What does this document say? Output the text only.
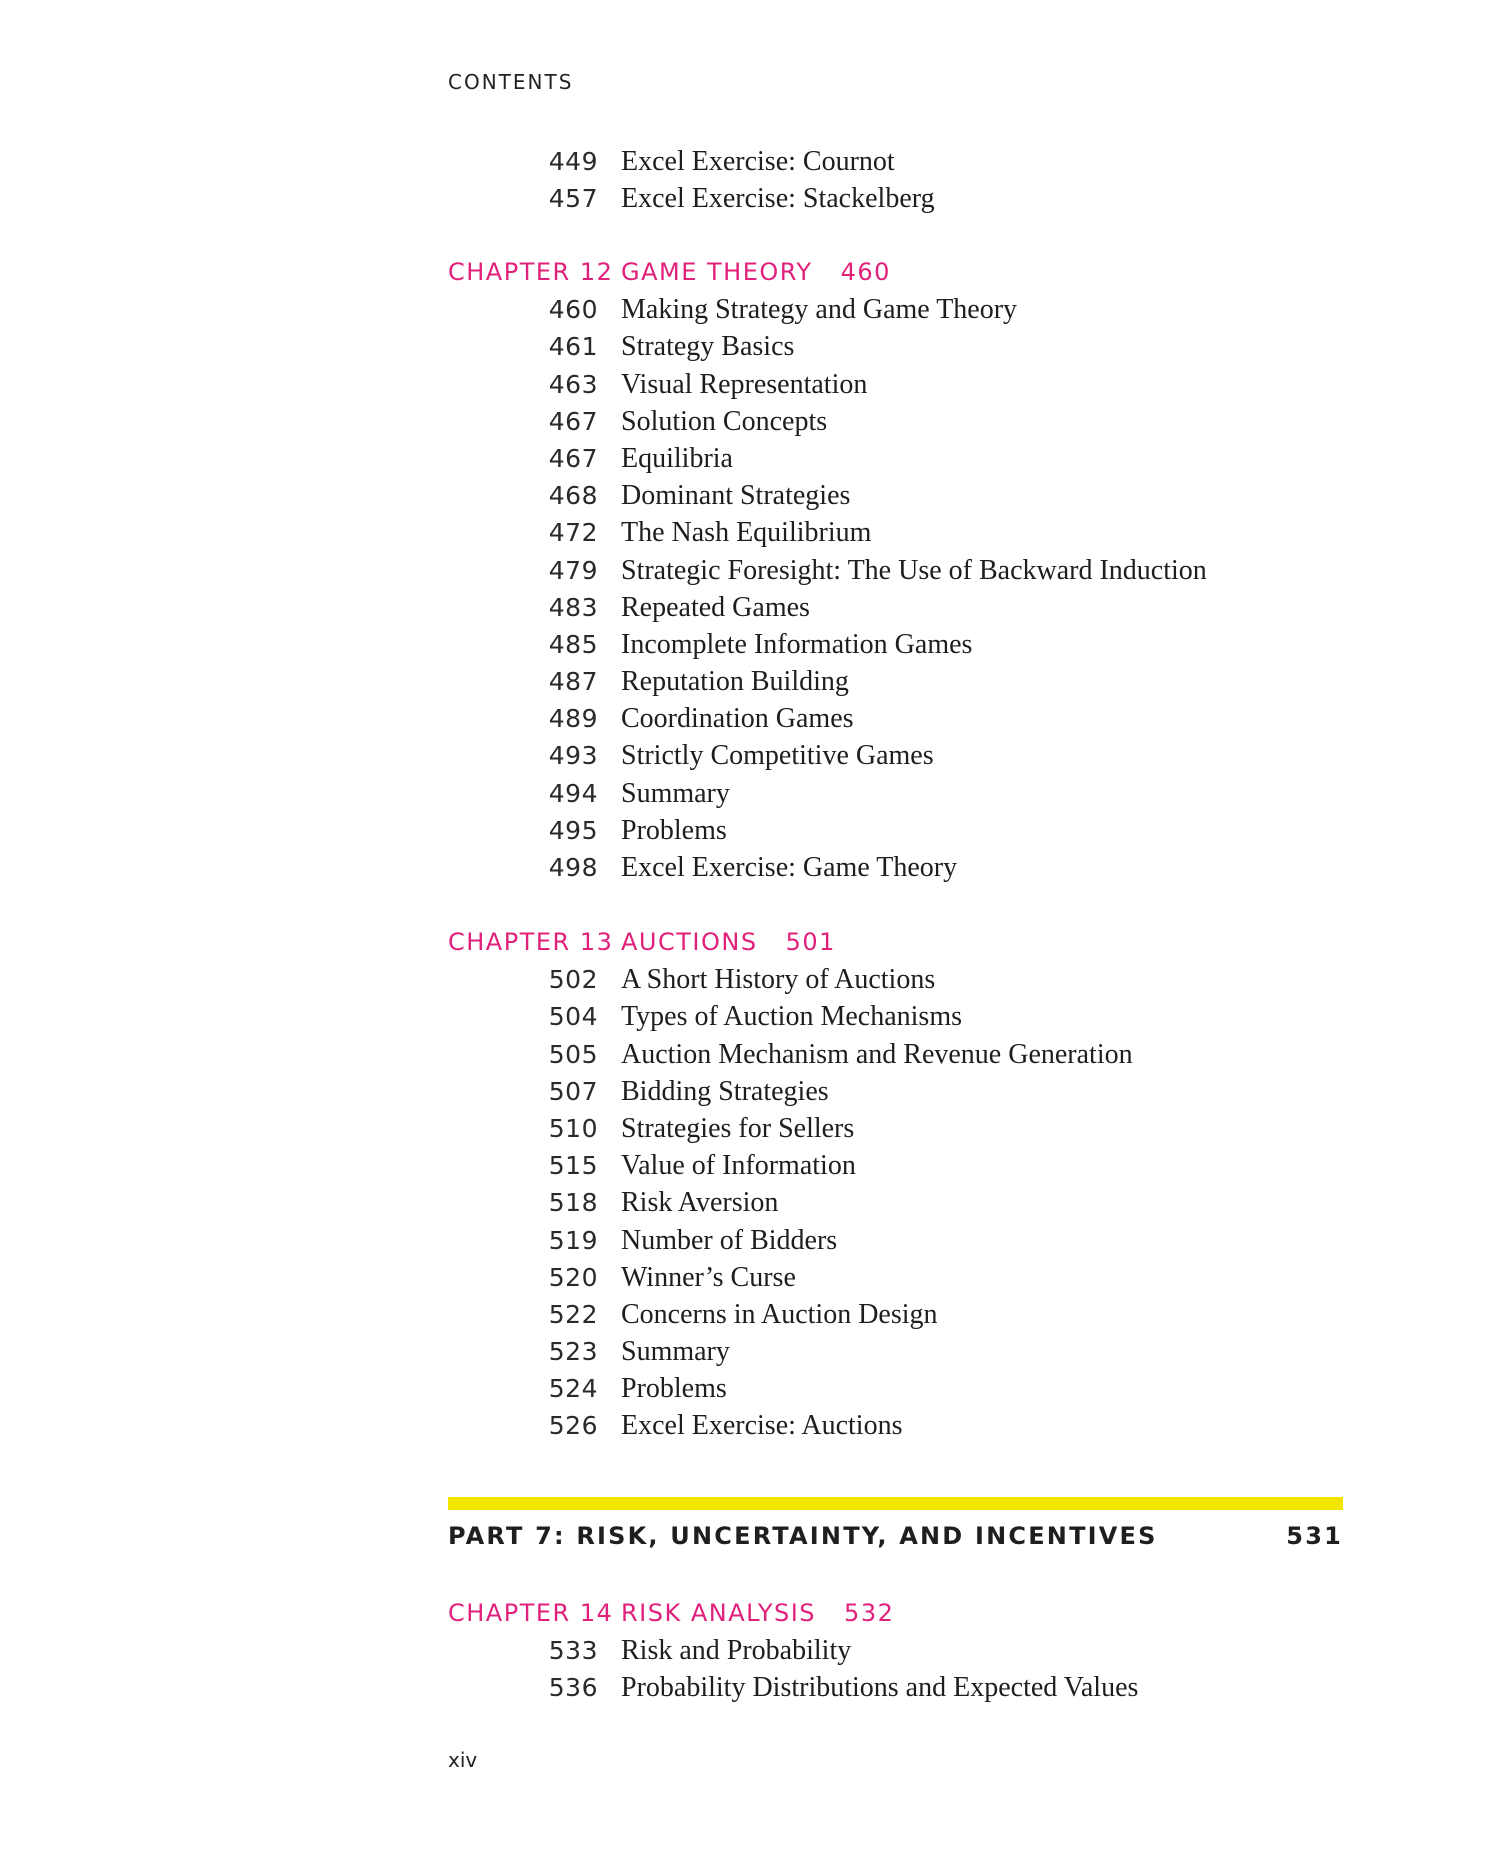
CONTENTS
449 Excel Exercise: Cournot
457 Excel Exercise: Stackelberg
CHAPTER 12 GAME THEORY 460
460 Making Strategy and Game Theory
461 Strategy Basics
463 Visual Representation
467 Solution Concepts
467 Equilibria
468 Dominant Strategies
472 The Nash Equilibrium
479 Strategic Foresight: The Use of Backward Induction
483 Repeated Games
485 Incomplete Information Games
487 Reputation Building
489 Coordination Games
493 Strictly Competitive Games
494 Summary
495 Problems
498 Excel Exercise: Game Theory
CHAPTER 13 AUCTIONS 501
502 A Short History of Auctions
504 Types of Auction Mechanisms
505 Auction Mechanism and Revenue Generation
507 Bidding Strategies
510 Strategies for Sellers
515 Value of Information
518 Risk Aversion
519 Number of Bidders
520 Winner’s Curse
522 Concerns in Auction Design
523 Summary
524 Problems
526 Excel Exercise: Auctions
PART 7: RISK, UNCERTAINTY, AND INCENTIVES	531
CHAPTER 14 RISK ANALYSIS 532
533 Risk and Probability
536 Probability Distributions and Expected Values
xiv
